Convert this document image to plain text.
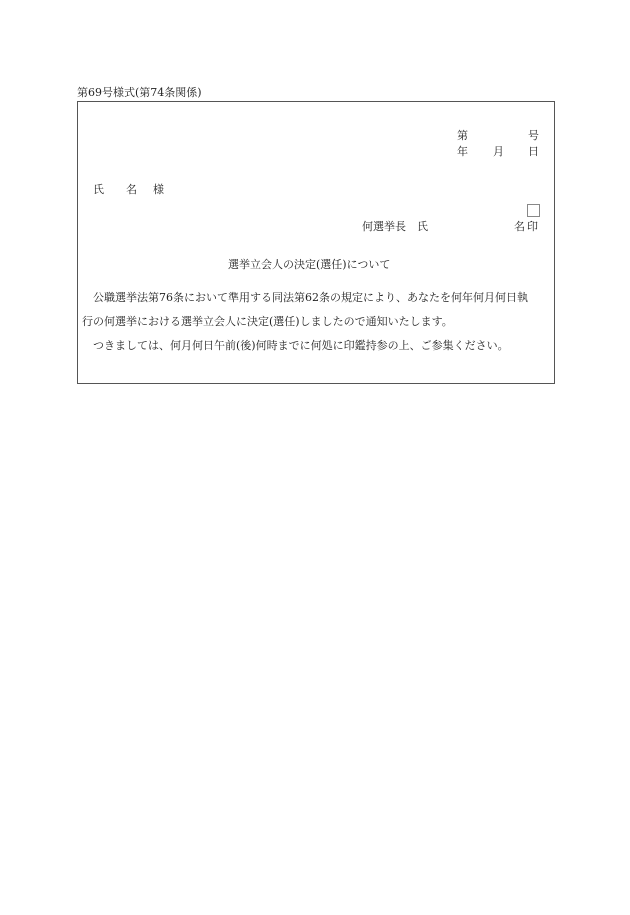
第69号様式(第74条関係)
第	号
年 月 日
氏　　名 様
何選挙長　氏	名 印
選挙立会人の決定(選任)について
　公職選挙法第76条において準用する同法第62条の規定により、あなたを何年何月何日執
行の何選挙における選挙立会人に決定(選任)しましたので通知いたします。
　つきましては、何月何日午前(後)何時までに何処に印鑑持参の上、ご参集ください。
